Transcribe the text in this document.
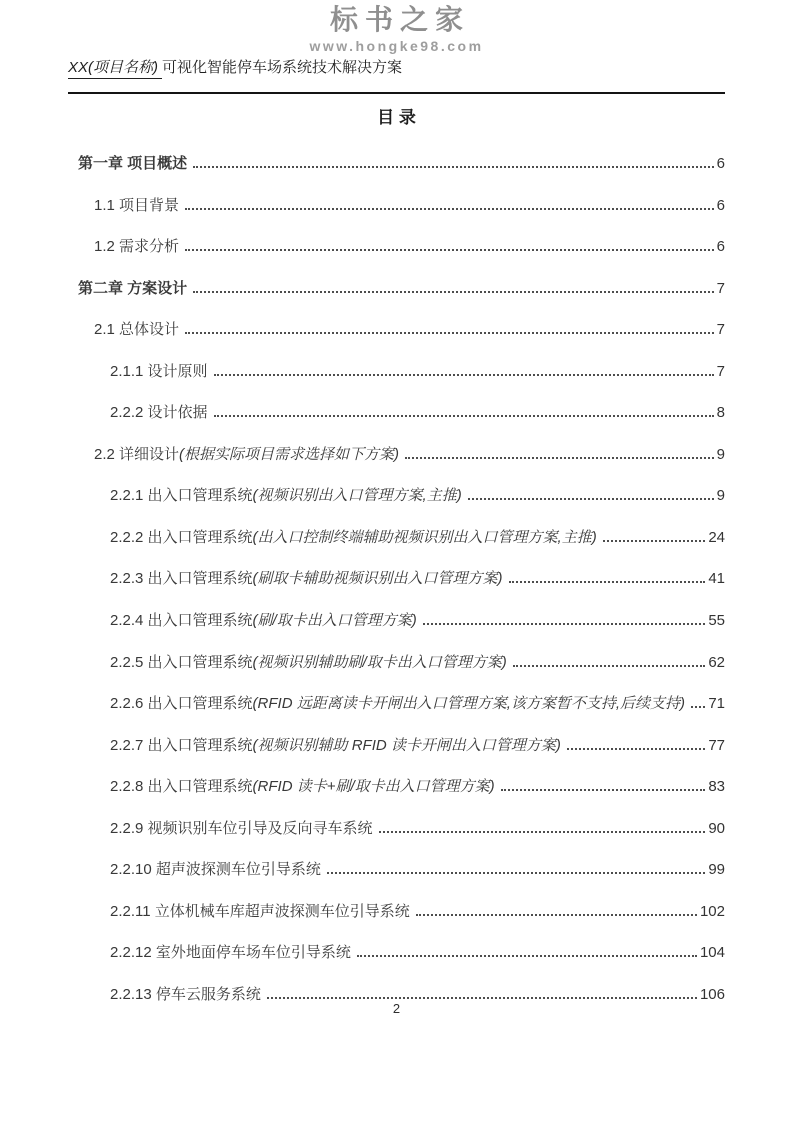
标书之家
www.hongke98.com
XX(项目名称) 可视化智能停车场系统技术解决方案
目 录
第一章 项目概述	6
1.1 项目背景	6
1.2 需求分析	6
第二章 方案设计	7
2.1 总体设计	7
2.1.1 设计原则	7
2.2.2 设计依据	8
2.2 详细设计(根据实际项目需求选择如下方案)	9
2.2.1 出入口管理系统(视频识别出入口管理方案,主推)	9
2.2.2 出入口管理系统(出入口控制终端辅助视频识别出入口管理方案,主推)	24
2.2.3 出入口管理系统(刷取卡辅助视频识别出入口管理方案)	41
2.2.4 出入口管理系统(刷/取卡出入口管理方案)	55
2.2.5 出入口管理系统(视频识别辅助刷/取卡出入口管理方案)	62
2.2.6 出入口管理系统(RFID 远距离读卡开闸出入口管理方案,该方案暂不支持,后续支持) 71
2.2.7 出入口管理系统(视频识别辅助 RFID 读卡开闸出入口管理方案)	77
2.2.8 出入口管理系统(RFID 读卡+刷/取卡出入口管理方案)	83
2.2.9 视频识别车位引导及反向寻车系统	90
2.2.10 超声波探测车位引导系统	99
2.2.11 立体机械车库超声波探测车位引导系统	102
2.2.12 室外地面停车场车位引导系统	104
2.2.13 停车云服务系统	106
2
